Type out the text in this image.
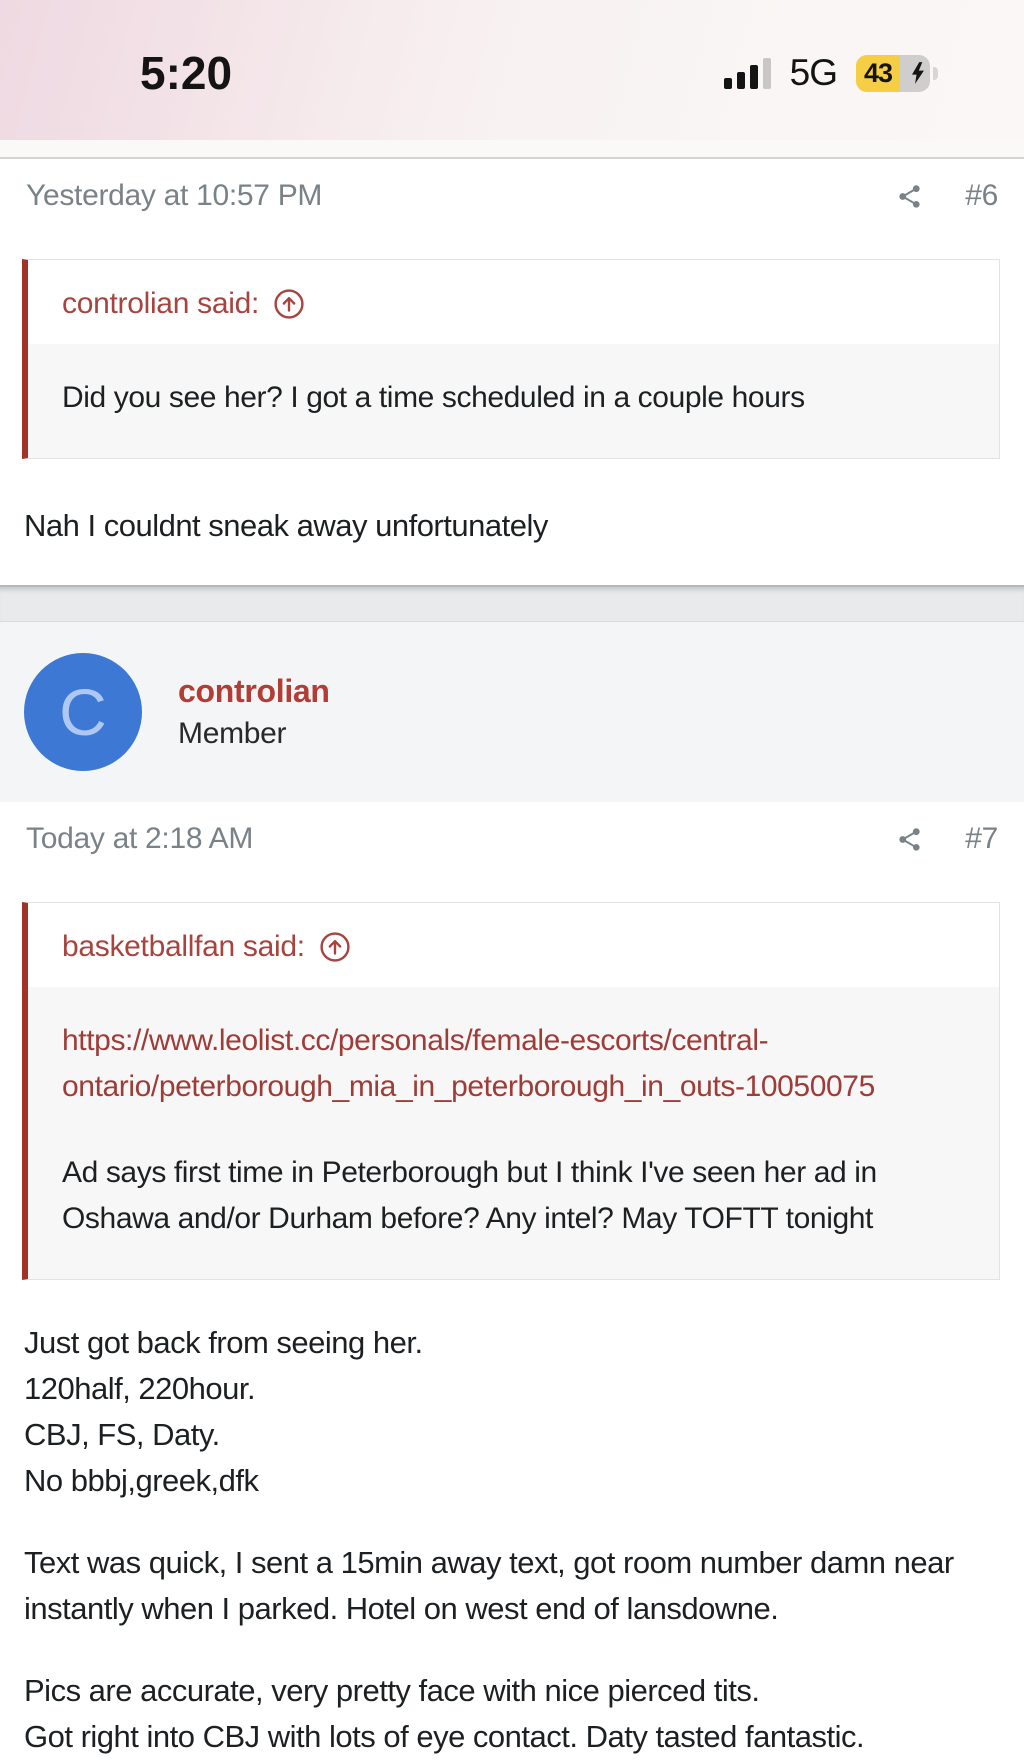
5:20	5G 43
Yesterday at 10:57 PM	#6
controlian said:
Did you see her? I got a time scheduled in a couple hours
Nah I couldnt sneak away unfortunately
C controlian
Member
Today at 2:18 AM	#7
basketballfan said:
https://www.leolist.cc/personals/female-escorts/central-
ontario/peterborough_mia_in_peterborough_in_outs-10050075
Ad says first time in Peterborough but I think I've seen her ad in Oshawa and/or Durham before? Any intel? May TOFTT tonight
Just got back from seeing her.
120half, 220hour.
CBJ, FS, Daty.
No bbbj,greek,dfk
Text was quick, I sent a 15min away text, got room number damn near instantly when I parked. Hotel on west end of lansdowne.
Pics are accurate, very pretty face with nice pierced tits.
Got right into CBJ with lots of eye contact. Daty tasted fantastic.
